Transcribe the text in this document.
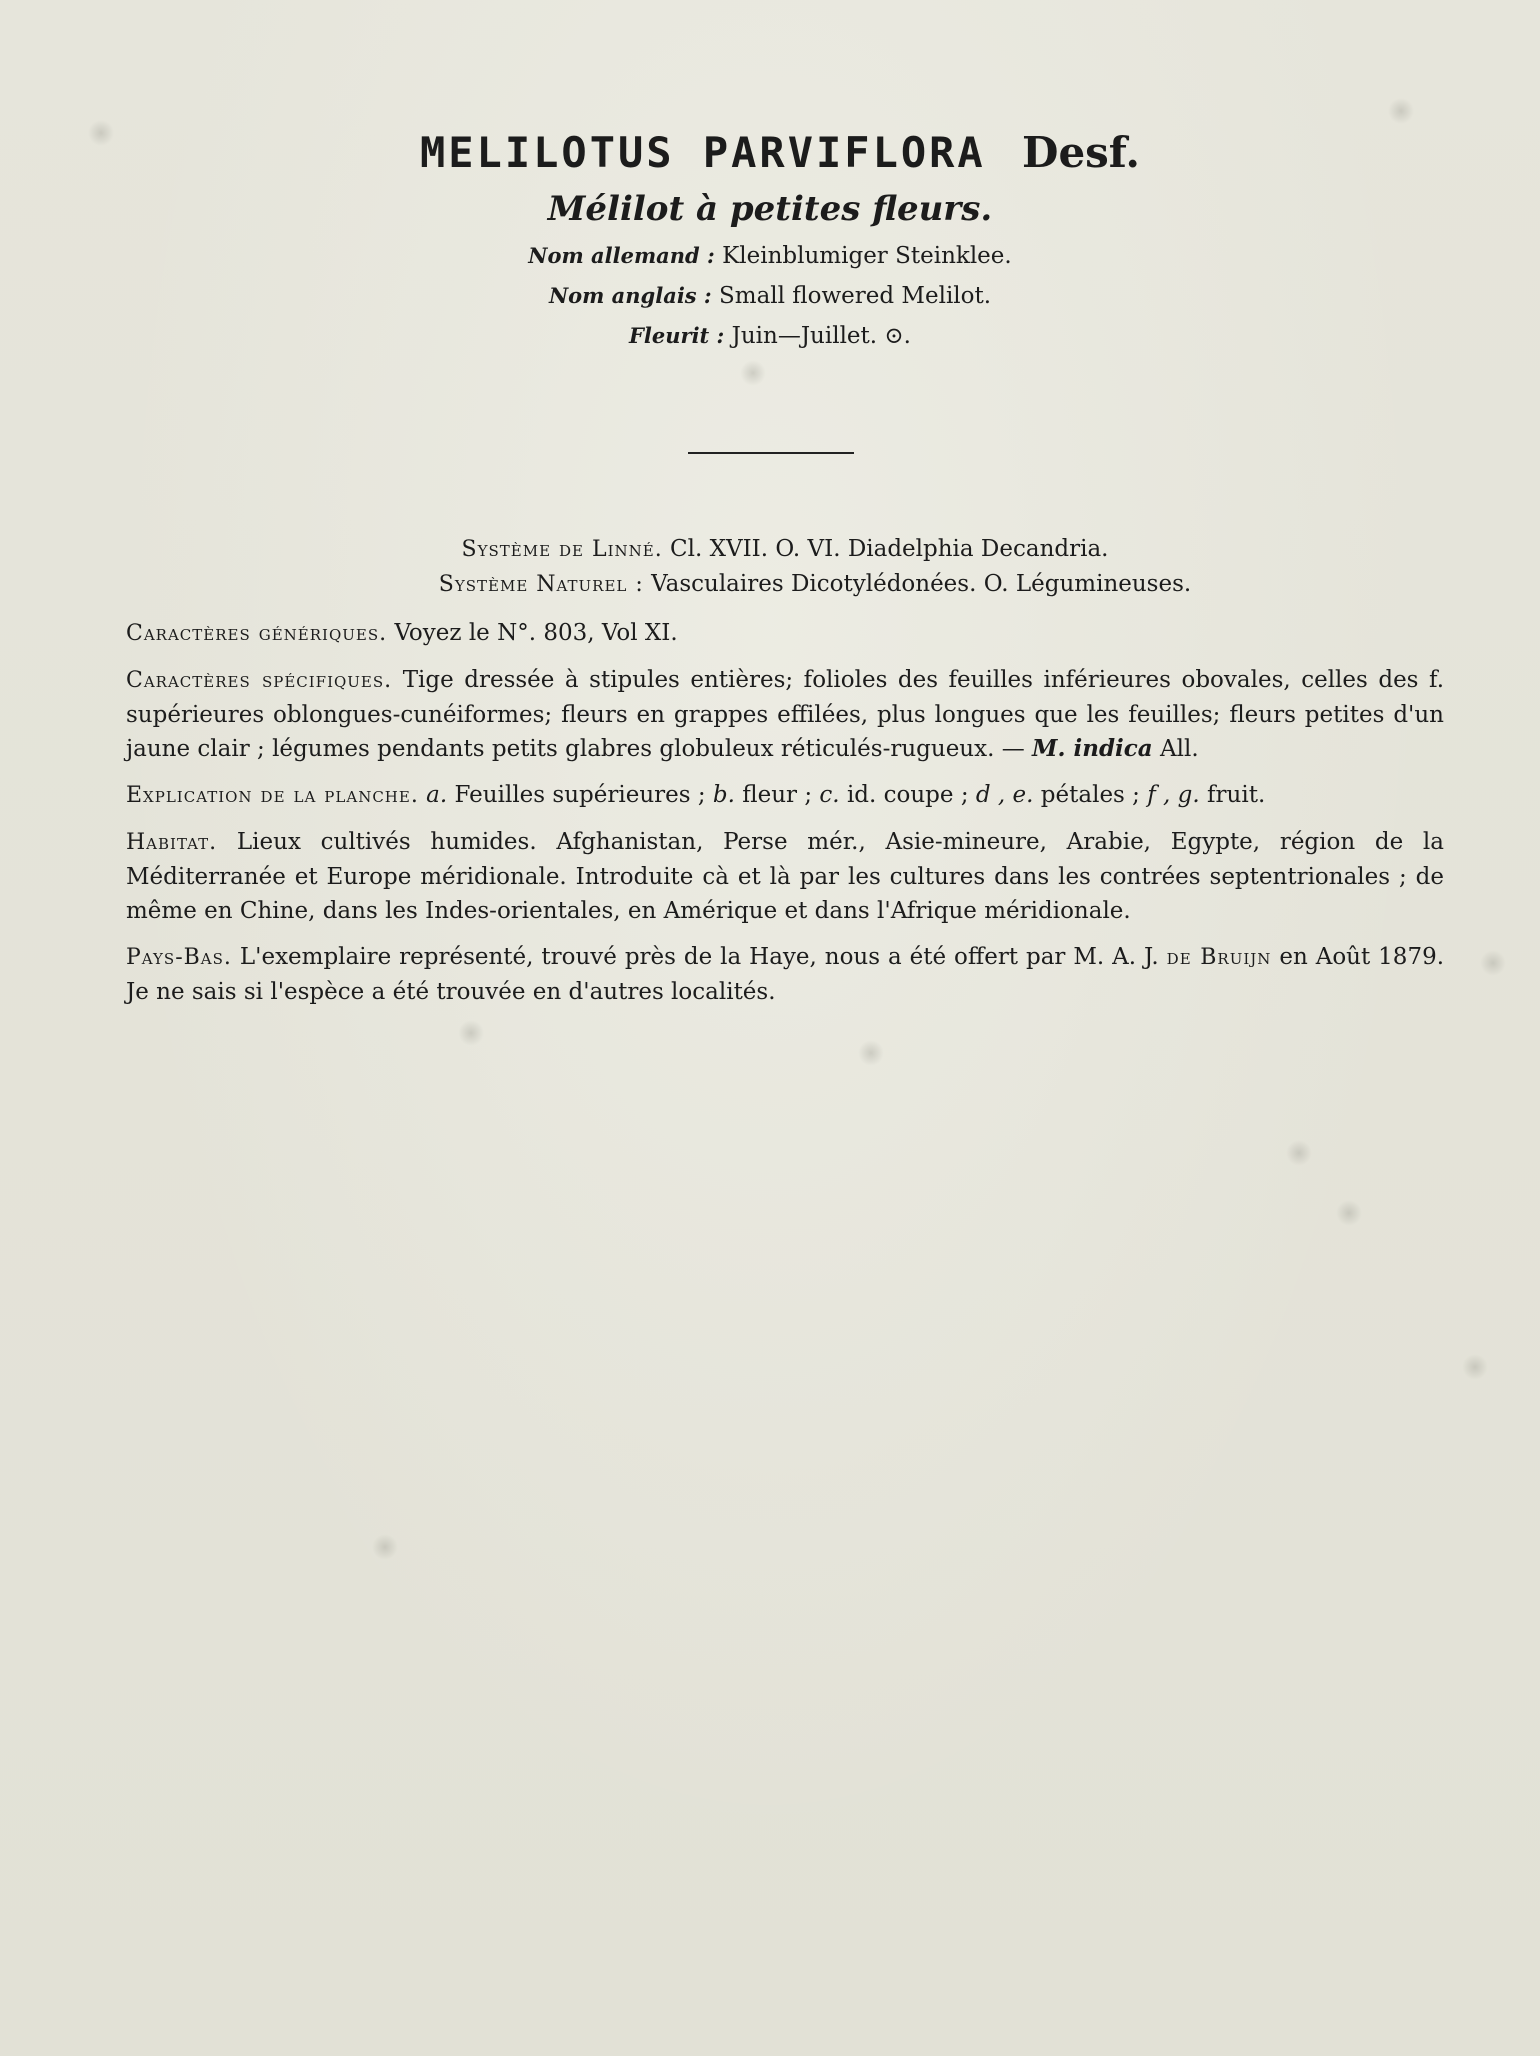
MELILOTUS PARVIFLORA Desf.
Mélilot à petites fleurs.
Nom allemand : Kleinblumiger Steinklee.
Nom anglais : Small flowered Melilot.
Fleurit : Juin—Juillet. ⊙.

Système de Linné. Cl. XVII. O. VI. Diadelphia Decandria.

Système Naturel : Vasculaires Dicotylédonées. O. Légumineuses.

Caractères génériques. Voyez le N°. 803, Vol XI.

Caractères spécifiques. Tige dressée à stipules entières; folioles des feuilles inférieures obovales, celles des f. supérieures oblongues-cunéiformes; fleurs en grappes effilées, plus longues que les feuilles; fleurs petites d'un jaune clair ; légumes pendants petits glabres globuleux réticulés-rugueux. — M. indica All.

Explication de la planche. a. Feuilles supérieures ; b. fleur ; c. id. coupe ; d , e. pétales ; f , g. fruit.

Habitat. Lieux cultivés humides. Afghanistan, Perse mér., Asie-mineure, Arabie, Egypte, région de la Méditerranée et Europe méridionale. Introduite cà et là par les cultures dans les contrées septentrionales ; de même en Chine, dans les Indes-orientales, en Amérique et dans l'Afrique méridionale.

Pays-Bas. L'exemplaire représenté, trouvé près de la Haye, nous a été offert par M. A. J. de Bruijn en Août 1879. Je ne sais si l'espèce a été trouvée en d'autres localités.
